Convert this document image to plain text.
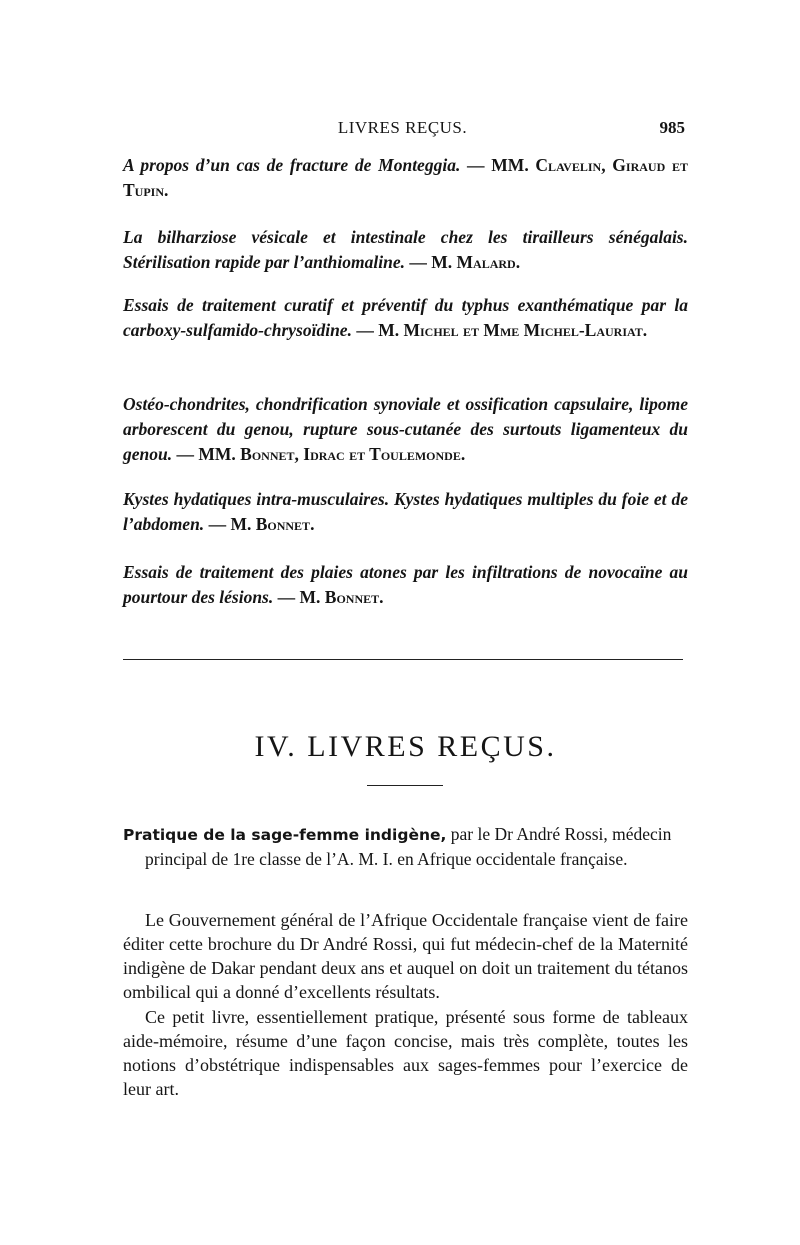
LIVRES REÇUS.	985
A propos d’un cas de fracture de Monteggia. — MM. Clavelin, Giraud et Tupin.
La bilharziose vésicale et intestinale chez les tirailleurs sénégalais. Stérilisation rapide par l’anthiomaline. — M. Malard.
Essais de traitement curatif et préventif du typhus exanthématique par la carboxy-sulfamido-chrysoïdine. — M. Michel et Mme Michel-Lauriat.
Ostéo-chondrites, chondrification synoviale et ossification capsulaire, lipome arborescent du genou, rupture sous-cutanée des surtouts ligamenteux du genou. — MM. Bonnet, Idrac et Toulemonde.
Kystes hydatiques intra-musculaires. Kystes hydatiques multiples du foie et de l’abdomen. — M. Bonnet.
Essais de traitement des plaies atones par les infiltrations de novocaïne au pourtour des lésions. — M. Bonnet.
IV. LIVRES REÇUS.
Pratique de la sage-femme indigène, par le Dr André Rossi, médecin principal de 1re classe de l’A. M. I. en Afrique occidentale française.

Le Gouvernement général de l’Afrique Occidentale française vient de faire éditer cette brochure du Dr André Rossi, qui fut médecin-chef de la Maternité indigène de Dakar pendant deux ans et auquel on doit un traitement du tétanos ombilical qui a donné d’excellents résultats.

Ce petit livre, essentiellement pratique, présenté sous forme de tableaux aide-mémoire, résume d’une façon concise, mais très complète, toutes les notions d’obstétrique indispensables aux sages-femmes pour l’exercice de leur art.
